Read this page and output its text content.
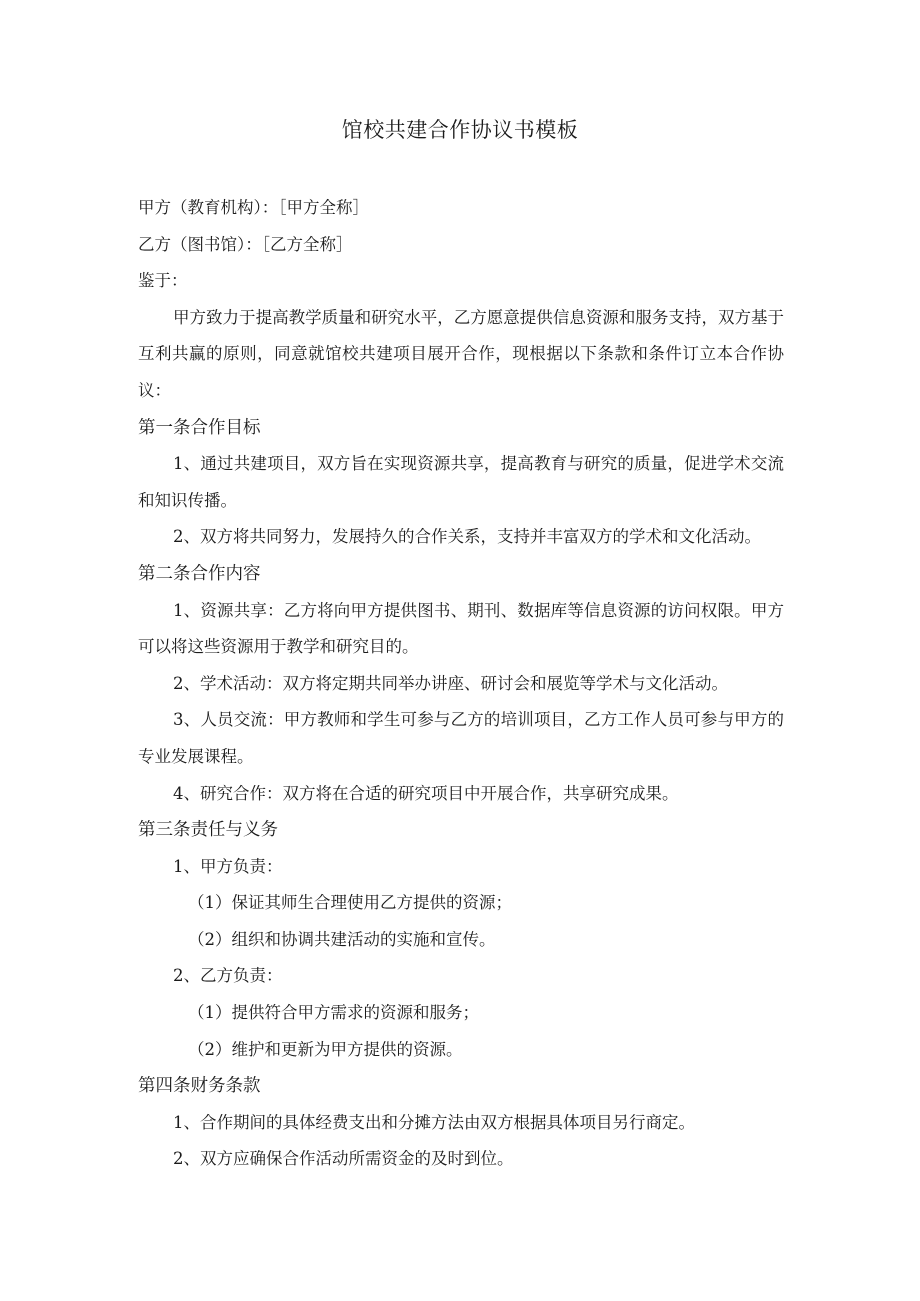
馆校共建合作协议书模板

甲方（教育机构）：［甲方全称］

乙方（图书馆）：［乙方全称］

鉴于：

甲方致力于提高教学质量和研究水平，乙方愿意提供信息资源和服务支持，双方基于互利共赢的原则，同意就馆校共建项目展开合作，现根据以下条款和条件订立本合作协议：

第一条合作目标

1、通过共建项目，双方旨在实现资源共享，提高教育与研究的质量，促进学术交流和知识传播。

2、双方将共同努力，发展持久的合作关系，支持并丰富双方的学术和文化活动。

第二条合作内容

1、资源共享：乙方将向甲方提供图书、期刊、数据库等信息资源的访问权限。甲方可以将这些资源用于教学和研究目的。

2、学术活动：双方将定期共同举办讲座、研讨会和展览等学术与文化活动。

3、人员交流：甲方教师和学生可参与乙方的培训项目，乙方工作人员可参与甲方的专业发展课程。

4、研究合作：双方将在合适的研究项目中开展合作，共享研究成果。

第三条责任与义务

1、甲方负责：

（1）保证其师生合理使用乙方提供的资源；

（2）组织和协调共建活动的实施和宣传。

2、乙方负责：

（1）提供符合甲方需求的资源和服务；

（2）维护和更新为甲方提供的资源。

第四条财务条款

1、合作期间的具体经费支出和分摊方法由双方根据具体项目另行商定。

2、双方应确保合作活动所需资金的及时到位。
